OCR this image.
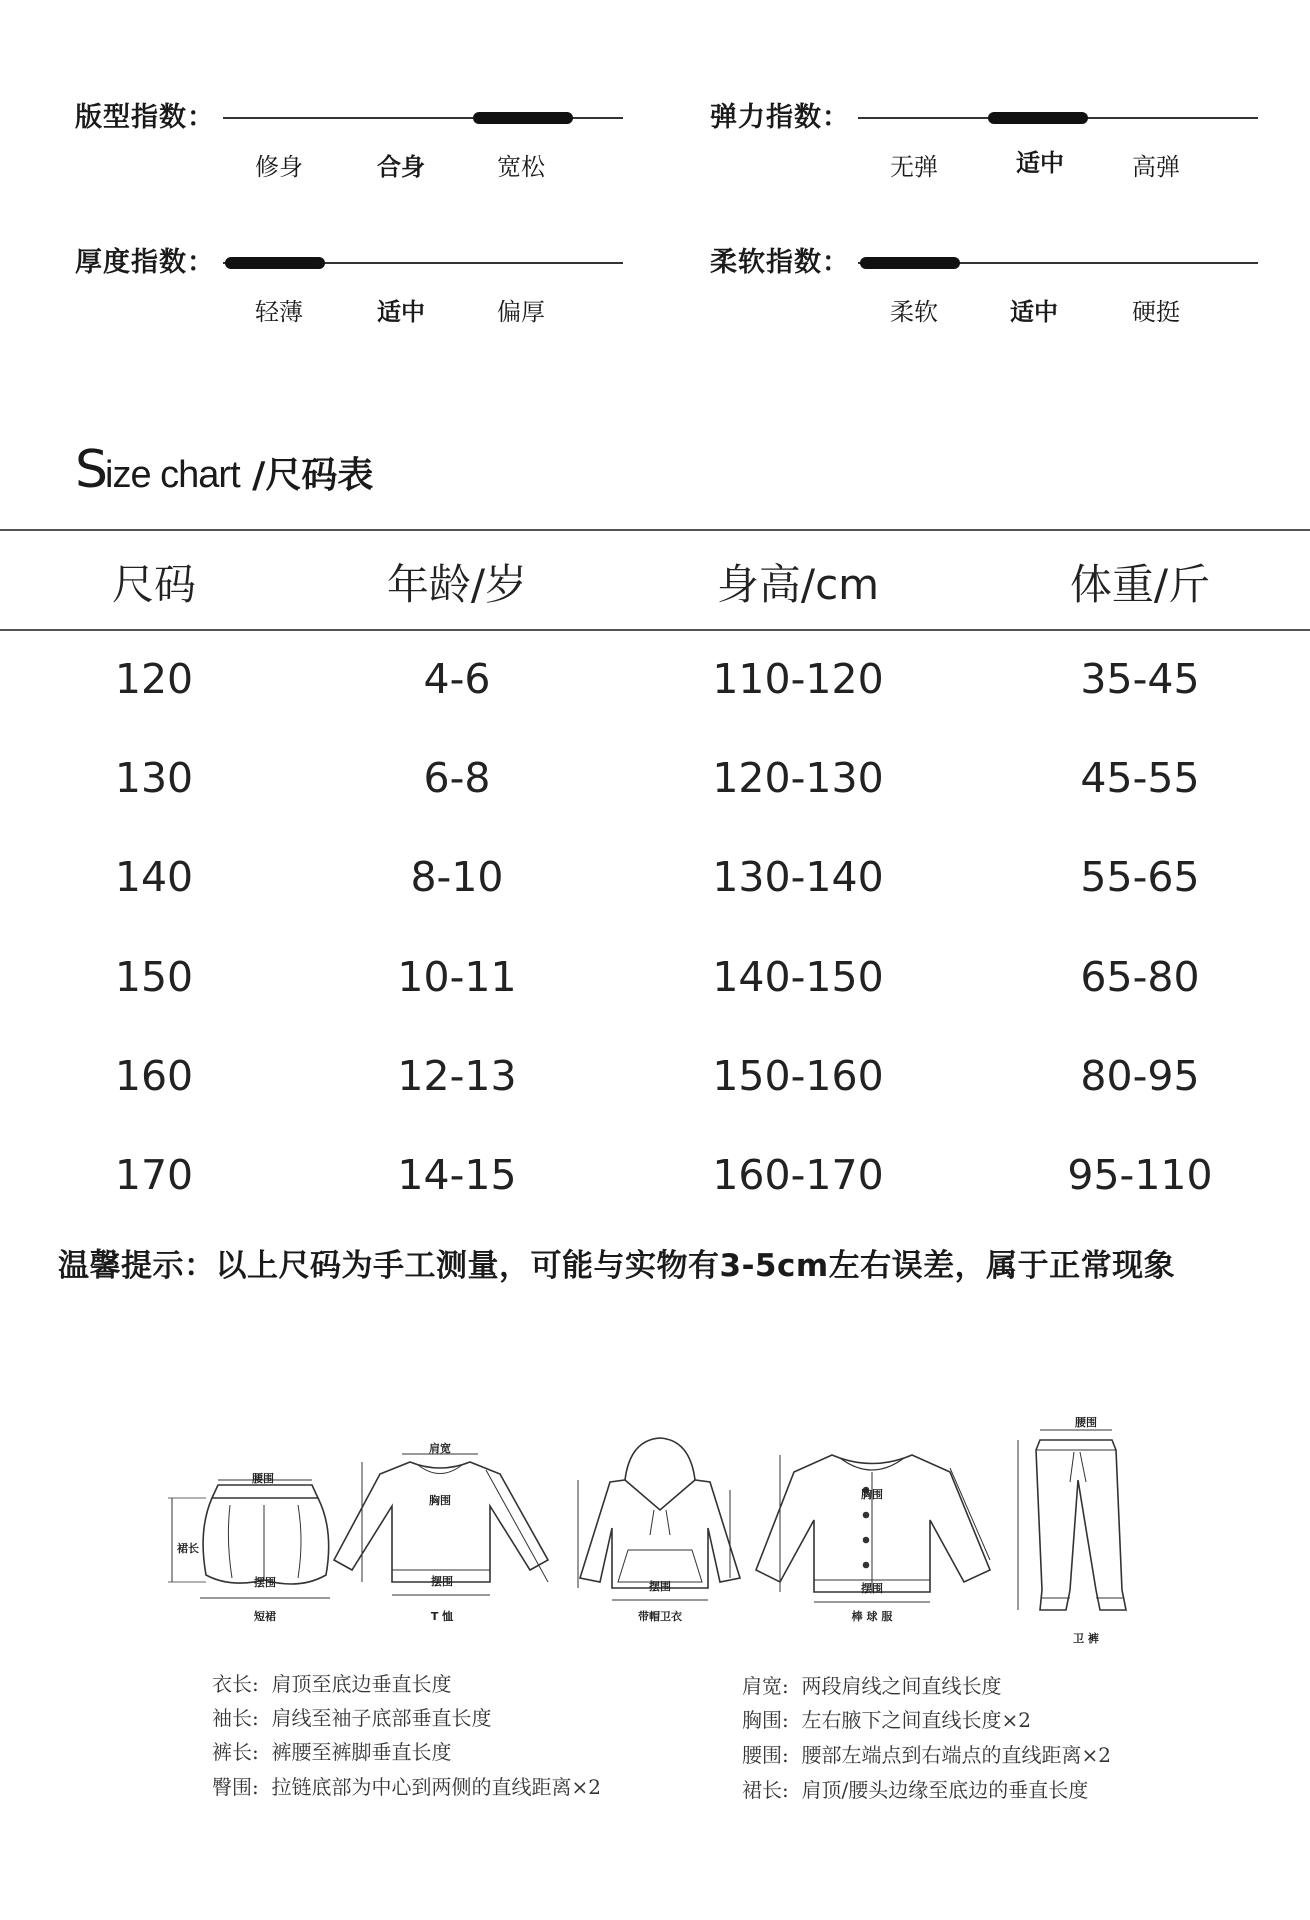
版型指数：
修身	合身	宽松
弹力指数：
无弹	适中	高弹
厚度指数：
轻薄	适中	偏厚
柔软指数：
柔软	适中	硬挺
Size chart /尺码表
尺码	年龄/岁	身高/cm	体重/斤
120	4-6	110-120	35-45
130	6-8	120-130	45-55
140	8-10	130-140	55-65
150	10-11	140-150	65-80
160	12-13	150-160	80-95
170	14-15	160-170	95-110
温馨提示：以上尺码为手工测量，可能与实物有3-5cm左右误差，属于正常现象
腰围
裙长
摆围
短裙
肩宽
胸围
摆围
T 恤
摆围
带帽卫衣
胸围
摆围
棒 球 服
腰围
卫 裤
衣长: 肩顶至底边垂直长度
袖长: 肩线至袖子底部垂直长度
裤长: 裤腰至裤脚垂直长度
臀围: 拉链底部为中心到两侧的直线距离×2
肩宽: 两段肩线之间直线长度
胸围: 左右腋下之间直线长度×2
腰围: 腰部左端点到右端点的直线距离×2
裙长: 肩顶/腰头边缘至底边的垂直长度
